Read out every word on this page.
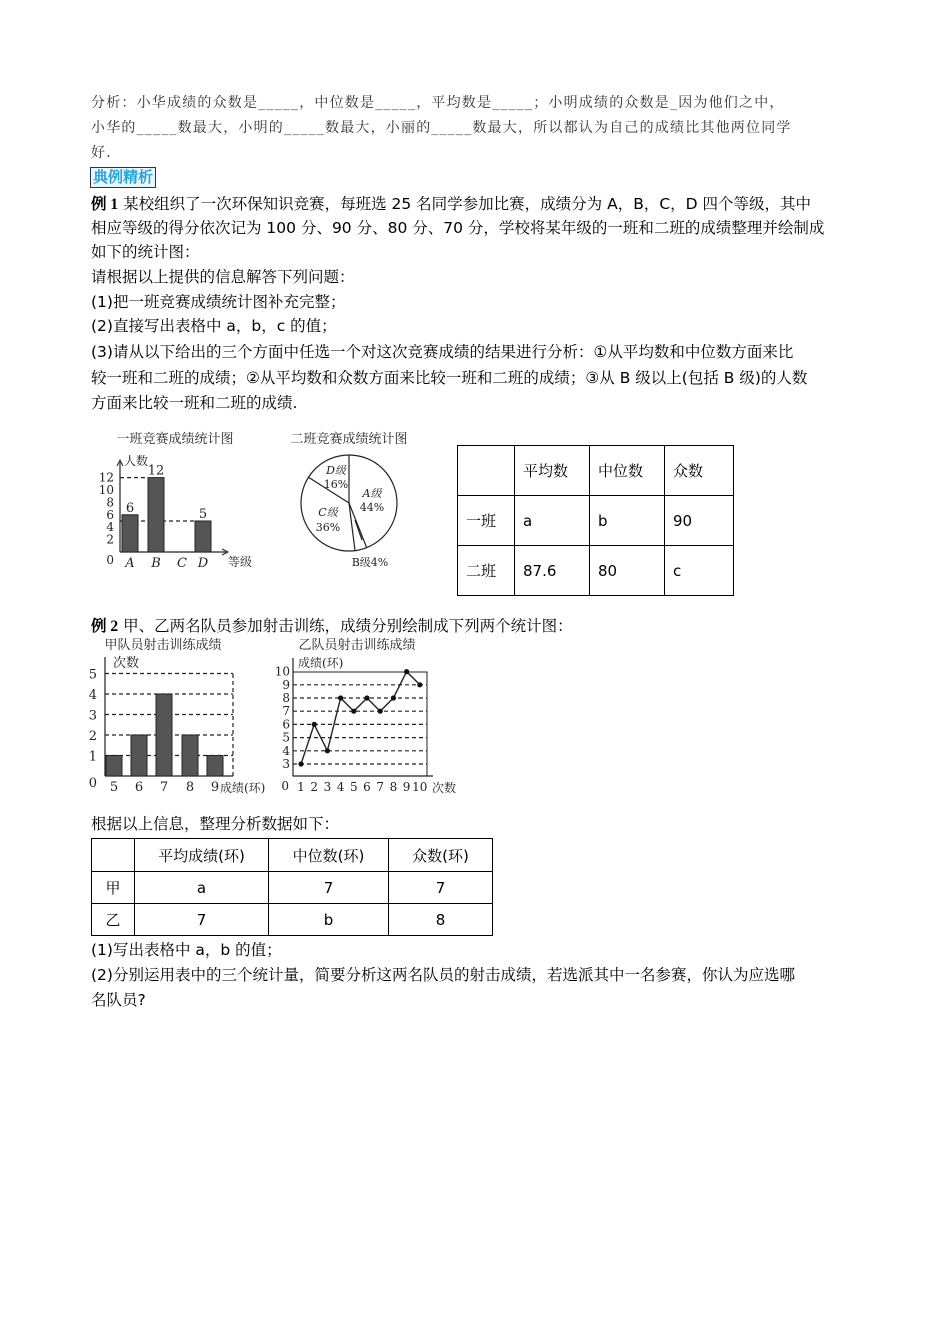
分析：小华成绩的众数是_____，中位数是_____，平均数是_____；小明成绩的众数是_因为他们之中，
小华的_____数最大，小明的_____数最大，小丽的_____数最大，所以都认为自己的成绩比其他两位同学
好.
典例精析
例 1 某校组织了一次环保知识竞赛，每班选 25 名同学参加比赛，成绩分为 A，B，C，D 四个等级，其中
相应等级的得分依次记为 100 分、90 分、80 分、70 分，学校将某年级的一班和二班的成绩整理并绘制成
如下的统计图：
请根据以上提供的信息解答下列问题：
(1)把一班竞赛成绩统计图补充完整；
(2)直接写出表格中 a，b，c 的值；
(3)请从以下给出的三个方面中任选一个对这次竞赛成绩的结果进行分析：①从平均数和中位数方面来比
较一班和二班的成绩；②从平均数和众数方面来比较一班和二班的成绩；③从 B 级以上(包括 B 级)的人数
方面来比较一班和二班的成绩.
一班竞赛成绩统计图
人数
等级
0
2
4
6
8
10
12
A
6
B
12
C D
5
二班竞赛成绩统计图
A级
44%
C级
36%
D级
16%
B级4%
甲队员射击训练成绩
次数
0
1
2
3
4
5
5 6 7 8 9 成绩(环)
乙队员射击训练成绩
成绩(环)
3
4
5
6
7
8
9
10
0 1 2 3 4 5 6 7 8 9 10 次数
	平均数	中位数	众数
一班	a	b	90
二班	87.6	80	c
例 2 甲、乙两名队员参加射击训练，成绩分别绘制成下列两个统计图：
根据以上信息，整理分析数据如下：
	平均成绩(环)	中位数(环)	众数(环)
甲	a	7	7
乙	7	b	8
(1)写出表格中 a，b 的值；
(2)分别运用表中的三个统计量，简要分析这两名队员的射击成绩，若选派其中一名参赛，你认为应选哪
名队员?
